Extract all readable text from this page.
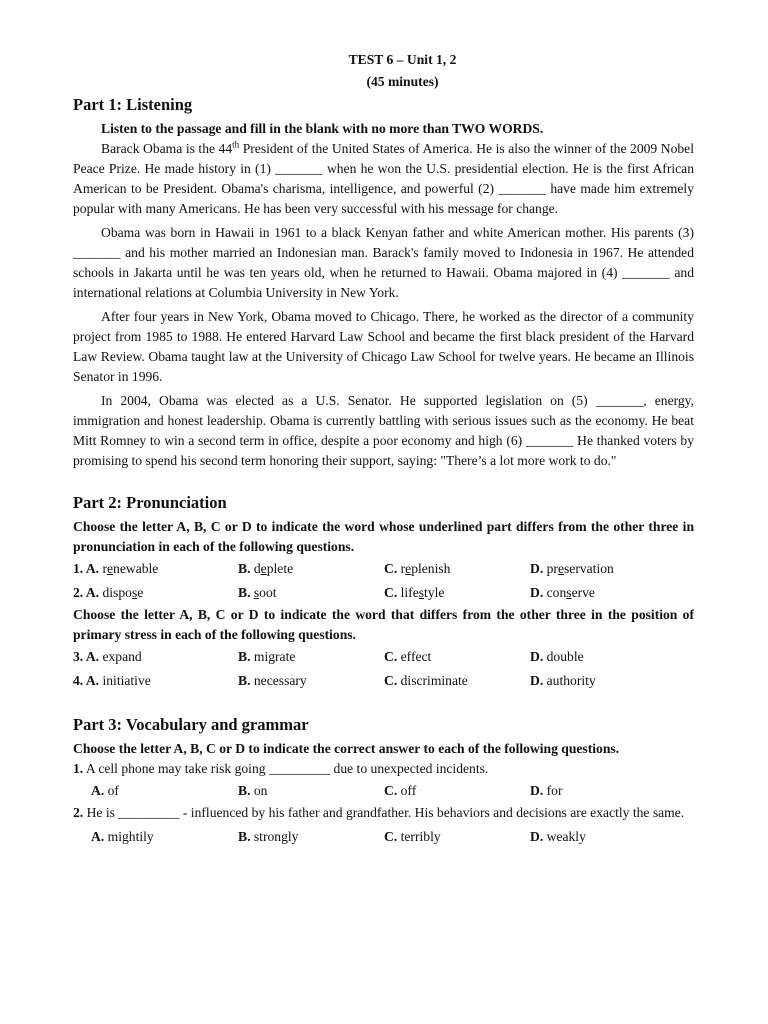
TEST 6 – Unit 1, 2
(45 minutes)
Part 1: Listening
Listen to the passage and fill in the blank with no more than TWO WORDS.

Barack Obama is the 44th President of the United States of America. He is also the winner of the 2009 Nobel Peace Prize. He made history in (1) _______ when he won the U.S. presidential election. He is the first African American to be President. Obama's charisma, intelligence, and powerful (2) _______ have made him extremely popular with many Americans. He has been very successful with his message for change.

Obama was born in Hawaii in 1961 to a black Kenyan father and white American mother. His parents (3) _______ and his mother married an Indonesian man. Barack's family moved to Indonesia in 1967. He attended schools in Jakarta until he was ten years old, when he returned to Hawaii. Obama majored in (4) _______ and international relations at Columbia University in New York.

After four years in New York, Obama moved to Chicago. There, he worked as the director of a community project from 1985 to 1988. He entered Harvard Law School and became the first black president of the Harvard Law Review. Obama taught law at the University of Chicago Law School for twelve years. He became an Illinois Senator in 1996.

In 2004, Obama was elected as a U.S. Senator. He supported legislation on (5) _______, energy, immigration and honest leadership. Obama is currently battling with serious issues such as the economy. He beat Mitt Romney to win a second term in office, despite a poor economy and high (6) _______ He thanked voters by promising to spend his second term honoring their support, saying: "There’s a lot more work to do."

Part 2: Pronunciation
Choose the letter A, B, C or D to indicate the word whose underlined part differs from the other three in pronunciation in each of the following questions.
1. A. renewable	B. deplete	C. replenish	D. preservation
2. A. dispose	B. soot	C. lifestyle	D. conserve
Choose the letter A, B, C or D to indicate the word that differs from the other three in the position of primary stress in each of the following questions.
3. A. expand	B. migrate	C. effect	D. double
4. A. initiative	B. necessary	C. discriminate	D. authority
Part 3: Vocabulary and grammar
Choose the letter A, B, C or D to indicate the correct answer to each of the following questions.
1. A cell phone may take risk going _________ due to unexpected incidents.
A. of	B. on	C. off	D. for
2. He is _________ - influenced by his father and grandfather. His behaviors and decisions are exactly the same.
A. mightily	B. strongly	C. terribly	D. weakly
